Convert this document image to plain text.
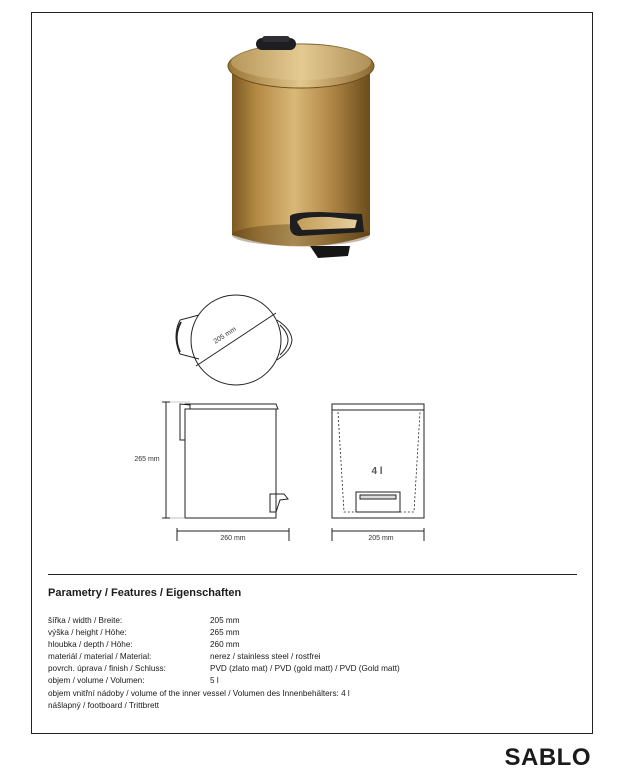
205 mm
265 mm
260 mm
4 l
205 mm
Parametry / Features / Eigenschaften
šířka / width / Breite:	205 mm
výška / height / Höhe:	265 mm
hloubka / depth / Höhe:	260 mm
materiál / material / Material:	nerez / stainless steel / rostfrei
povrch. úprava / finish / Schluss:	PVD (zlato mat) / PVD (gold matt) / PVD (Gold matt)
objem / volume / Volumen:	5 l
objem vnitřní nádoby / volume of the inner vessel / Volumen des Innenbehälters: 4 l
nášlapný / footboard / Trittbrett
SABLO
